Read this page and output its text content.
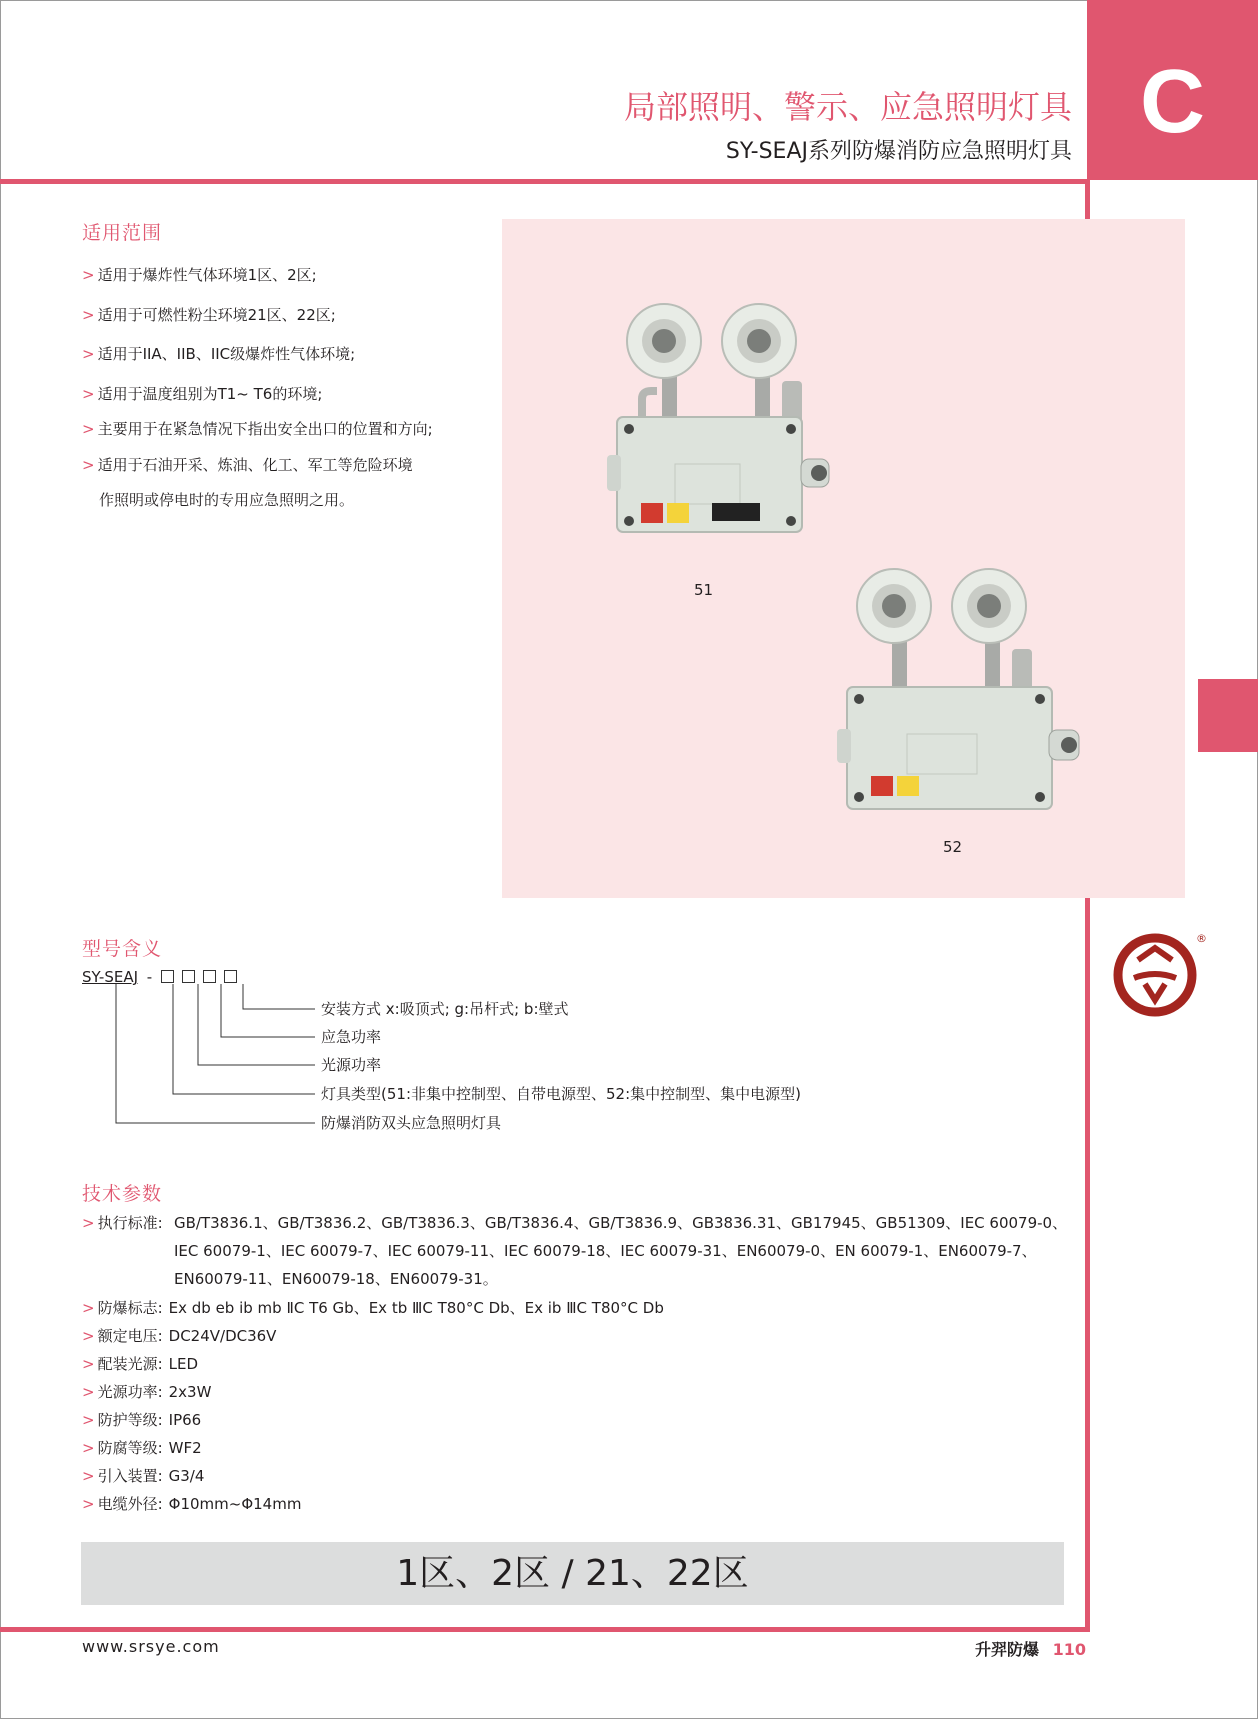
局部照明、警示、应急照明灯具
SY-SEAJ系列防爆消防应急照明灯具 C
适用范围
> 适用于爆炸性气体环境1区、2区;
> 适用于可燃性粉尘环境21区、22区;
> 适用于IIA、IIB、IIC级爆炸性气体环境;
> 适用于温度组别为T1~ T6的环境;
> 主要用于在紧急情况下指出安全出口的位置和方向;
> 适用于石油开采、炼油、化工、军工等危险环境
作照明或停电时的专用应急照明之用。
51
52
型号含义
SY-SEAJ -
安装方式 x:吸顶式; g:吊杆式; b:壁式
应急功率
光源功率
灯具类型(51:非集中控制型、自带电源型、52:集中控制型、集中电源型)
防爆消防双头应急照明灯具
技术参数
> 执行标准: GB/T3836.1、GB/T3836.2、GB/T3836.3、GB/T3836.4、GB/T3836.9、GB3836.31、GB17945、GB51309、IEC 60079-0、
IEC 60079-1、IEC 60079-7、IEC 60079-11、IEC 60079-18、IEC 60079-31、EN60079-0、EN 60079-1、EN60079-7、
EN60079-11、EN60079-18、EN60079-31。
> 防爆标志: Ex db eb ib mb ⅡC T6 Gb、Ex tb ⅢC T80°C Db、Ex ib ⅢC T80°C Db
> 额定电压: DC24V/DC36V
> 配装光源: LED
> 光源功率: 2x3W
> 防护等级: IP66
> 防腐等级: WF2
> 引入装置: G3/4
> 电缆外径: Φ10mm~Φ14mm
1区、2区 / 21、22区
www.srsye.com	升羿防爆 110
®
